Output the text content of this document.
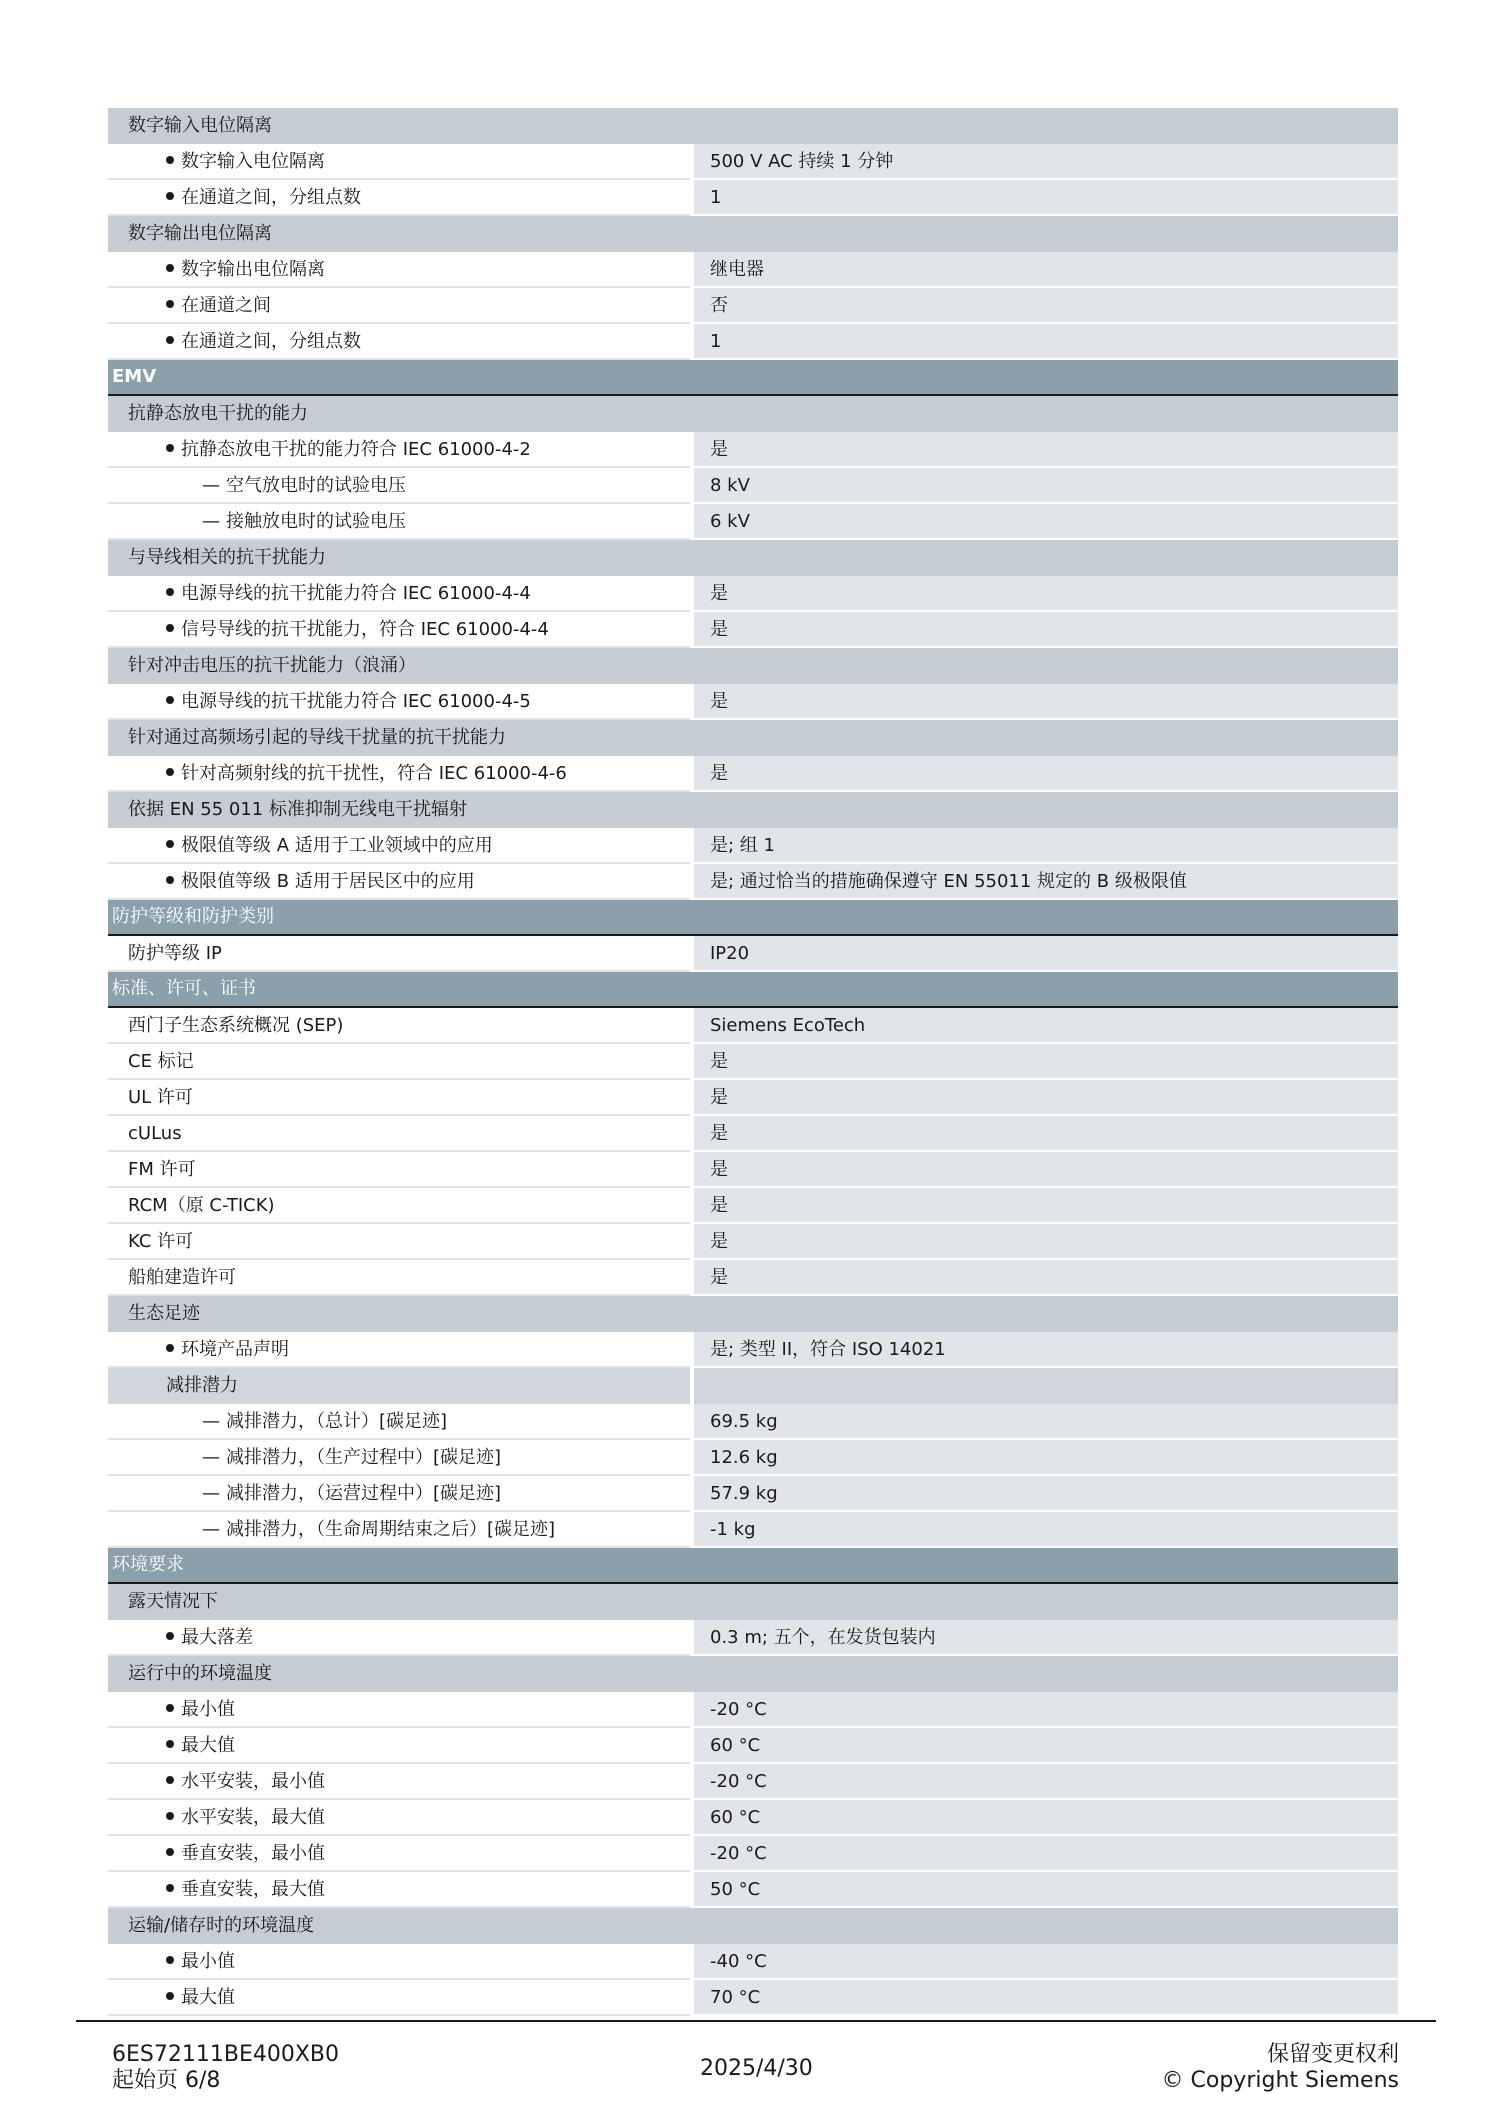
数字输入电位隔离
数字输入电位隔离	500 V AC 持续 1 分钟
在通道之间，分组点数	1
数字输出电位隔离
数字输出电位隔离	继电器
在通道之间	否
在通道之间，分组点数	1
EMV
抗静态放电干扰的能力
抗静态放电干扰的能力符合 IEC 61000-4-2	是
— 空气放电时的试验电压	8 kV
— 接触放电时的试验电压	6 kV
与导线相关的抗干扰能力
电源导线的抗干扰能力符合 IEC 61000-4-4	是
信号导线的抗干扰能力，符合 IEC 61000-4-4	是
针对冲击电压的抗干扰能力（浪涌）
电源导线的抗干扰能力符合 IEC 61000-4-5	是
针对通过高频场引起的导线干扰量的抗干扰能力
针对高频射线的抗干扰性，符合 IEC 61000-4-6	是
依据 EN 55 011 标准抑制无线电干扰辐射
极限值等级 A 适用于工业领域中的应用	是; 组 1
极限值等级 B 适用于居民区中的应用	是; 通过恰当的措施确保遵守 EN 55011 规定的 B 级极限值
防护等级和防护类别
防护等级 IP	IP20
标准、许可、证书
西门子生态系统概况 (SEP)	Siemens EcoTech
CE 标记	是
UL 许可	是
cULus	是
FM 许可	是
RCM（原 C-TICK)	是
KC 许可	是
船舶建造许可	是
生态足迹
环境产品声明	是; 类型 II，符合 ISO 14021
减排潜力
— 减排潜力，（总计）[碳足迹]	69.5 kg
— 减排潜力，（生产过程中）[碳足迹]	12.6 kg
— 减排潜力，（运营过程中）[碳足迹]	57.9 kg
— 减排潜力，（生命周期结束之后）[碳足迹]	-1 kg
环境要求
露天情况下
最大落差	0.3 m; 五个，在发货包装内
运行中的环境温度
最小值	-20 °C
最大值	60 °C
水平安装，最小值	-20 °C
水平安装，最大值	60 °C
垂直安装，最小值	-20 °C
垂直安装，最大值	50 °C
运输/储存时的环境温度
最小值	-40 °C
最大值	70 °C
6ES72111BE400XB0
起始页 6/8	2025/4/30
保留变更权利
© Copyright Siemens
